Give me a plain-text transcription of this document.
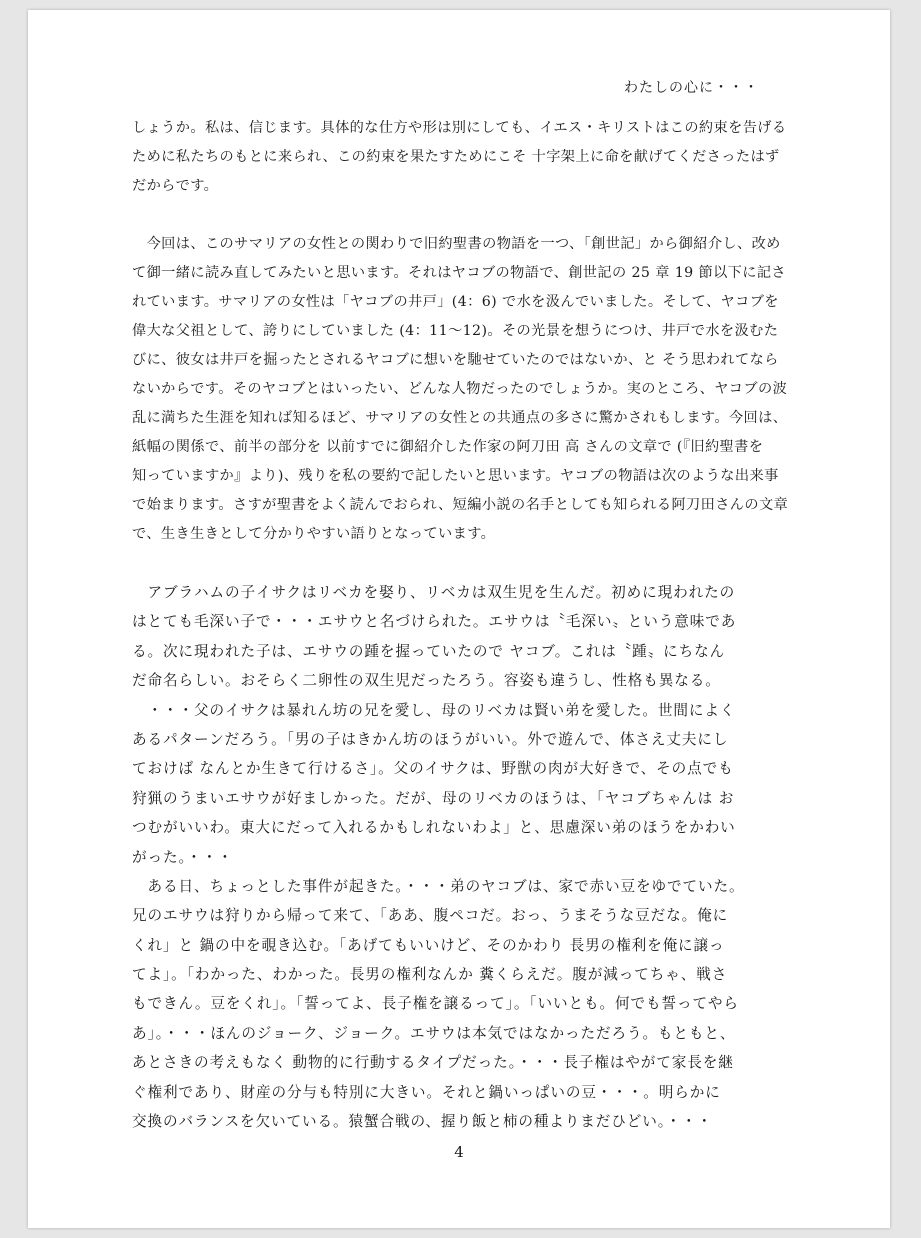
わたしの心に・・・
しょうか。私は、信じます。具体的な仕方や形は別にしても、イエス・キリストはこの約束を告げる
ために私たちのもとに来られ、この約束を果たすためにこそ 十字架上に命を献げてくださったはず
だからです。
　今回は、このサマリアの女性との関わりで旧約聖書の物語を一つ、「創世記」から御紹介し、改め
て御一緒に読み直してみたいと思います。それはヤコブの物語で、創世記の 25 章 19 節以下に記さ
れています。サマリアの女性は「ヤコブの井戸」(4：6) で水を汲んでいました。そして、ヤコブを
偉大な父祖として、誇りにしていました (4：11〜12)。その光景を想うにつけ、井戸で水を汲むた
びに、彼女は井戸を掘ったとされるヤコブに想いを馳せていたのではないか、と そう思われてなら
ないからです。そのヤコブとはいったい、どんな人物だったのでしょうか。実のところ、ヤコブの波
乱に満ちた生涯を知れば知るほど、サマリアの女性との共通点の多さに驚かされもします。今回は、
紙幅の関係で、前半の部分を 以前すでに御紹介した作家の阿刀田 高 さんの文章で (『旧約聖書を
知っていますか』より)、残りを私の要約で記したいと思います。ヤコブの物語は次のような出来事
で始まります。さすが聖書をよく読んでおられ、短編小説の名手としても知られる阿刀田さんの文章
で、生き生きとして分かりやすい語りとなっています。
　アブラハムの子イサクはリベカを娶り、リベカは双生児を生んだ。初めに現われたの
はとても毛深い子で・・・エサウと名づけられた。エサウは〝毛深い〟という意味であ
る。次に現われた子は、エサウの踵を握っていたので ヤコブ。これは〝踵〟にちなん
だ命名らしい。おそらく二卵性の双生児だったろう。容姿も違うし、性格も異なる。
　・・・父のイサクは暴れん坊の兄を愛し、母のリベカは賢い弟を愛した。世間によく
あるパターンだろう。「男の子はきかん坊のほうがいい。外で遊んで、体さえ丈夫にし
ておけば なんとか生きて行けるさ」。父のイサクは、野獣の肉が大好きで、その点でも
狩猟のうまいエサウが好ましかった。だが、母のリベカのほうは、「ヤコブちゃんは お
つむがいいわ。東大にだって入れるかもしれないわよ」と、思慮深い弟のほうをかわい
がった。・・・
　ある日、ちょっとした事件が起きた。・・・弟のヤコブは、家で赤い豆をゆでていた。
兄のエサウは狩りから帰って来て、「ああ、腹ペコだ。おっ、うまそうな豆だな。俺に
くれ」と 鍋の中を覗き込む。「あげてもいいけど、そのかわり 長男の権利を俺に譲っ
てよ」。「わかった、わかった。長男の権利なんか 糞くらえだ。腹が減ってちゃ、戦さ
もできん。豆をくれ」。「誓ってよ、長子権を譲るって」。「いいとも。何でも誓ってやら
あ」。・・・ほんのジョーク、ジョーク。エサウは本気ではなかっただろう。もともと、
あとさきの考えもなく 動物的に行動するタイプだった。・・・長子権はやがて家長を継
ぐ権利であり、財産の分与も特別に大きい。それと鍋いっぱいの豆・・・。明らかに
交換のバランスを欠いている。猿蟹合戦の、握り飯と柿の種よりまだひどい。・・・
4
